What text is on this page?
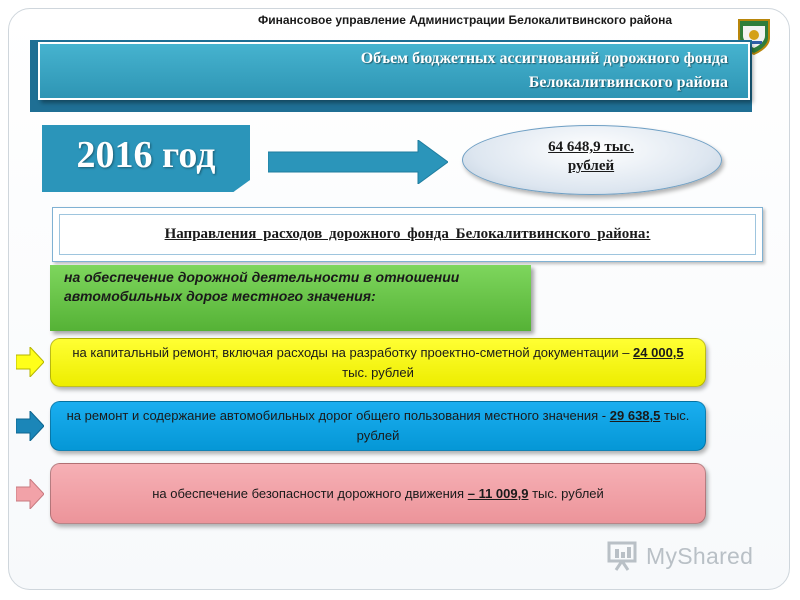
Финансовое управление Администрации Белокалитвинского района
Объем бюджетных ассигнований дорожного фонда
Белокалитвинского района
2016 год	64 648,9 тыс.
рублей
Направления расходов дорожного фонда Белокалитвинского района:
на обеспечение дорожной деятельности в отношении автомобильных дорог местного значения:
на капитальный ремонт, включая расходы на разработку проектно-сметной документации – 24 000,5 тыс. рублей
на ремонт и содержание автомобильных дорог общего пользования местного значения - 29 638,5 тыс. рублей
на обеспечение безопасности дорожного движения – 11 009,9 тыс. рублей
MyShared
